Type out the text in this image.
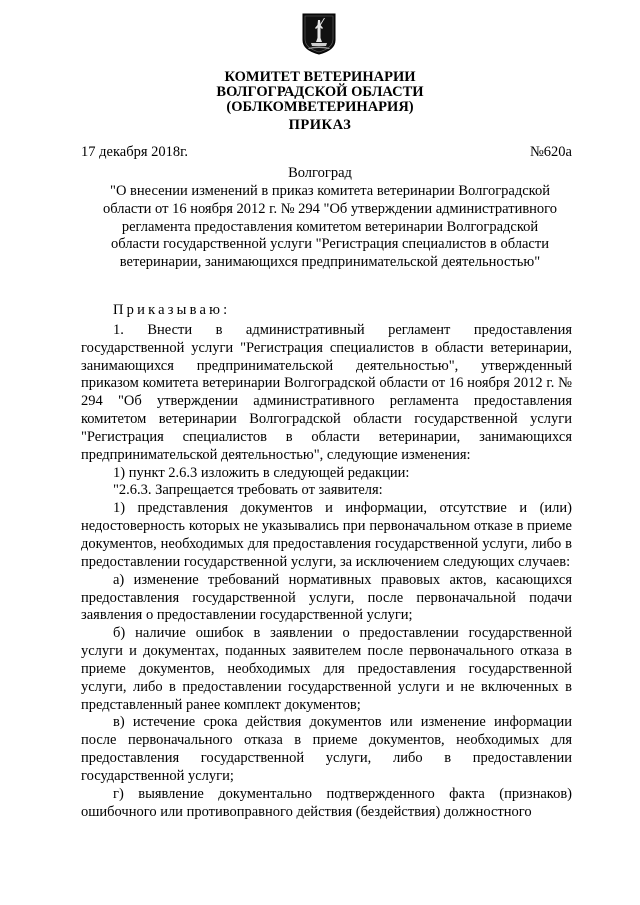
КОМИТЕТ ВЕТЕРИНАРИИ
ВОЛГОГРАДСКОЙ ОБЛАСТИ
(ОБЛКОМВЕТЕРИНАРИЯ)
ПРИКАЗ
17 декабря 2018г.	№620а
Волгоград
"О внесении изменений в приказ комитета ветеринарии Волгоградской области от 16 ноября 2012 г. № 294 "Об утверждении административного регламента предоставления комитетом ветеринарии Волгоградской области государственной услуги "Регистрация специалистов в области ветеринарии, занимающихся предпринимательской деятельностью"

Приказываю:

1. Внести в административный регламент предоставления государственной услуги "Регистрация специалистов в области ветеринарии, занимающихся предпринимательской деятельностью", утвержденный приказом комитета ветеринарии Волгоградской области от 16 ноября 2012 г. № 294 "Об утверждении административного регламента предоставления комитетом ветеринарии Волгоградской области государственной услуги "Регистрация специалистов в области ветеринарии, занимающихся предпринимательской деятельностью", следующие изменения:

1) пункт 2.6.3 изложить в следующей редакции:

"2.6.3. Запрещается требовать от заявителя:

1) представления документов и информации, отсутствие и (или) недостоверность которых не указывались при первоначальном отказе в приеме документов, необходимых для предоставления государственной услуги, либо в предоставлении государственной услуги, за исключением следующих случаев:

а) изменение требований нормативных правовых актов, касающихся предоставления государственной услуги, после первоначальной подачи заявления о предоставлении государственной услуги;

б) наличие ошибок в заявлении о предоставлении государственной услуги и документах, поданных заявителем после первоначального отказа в приеме документов, необходимых для предоставления государственной услуги, либо в предоставлении государственной услуги и не включенных в представленный ранее комплект документов;

в) истечение срока действия документов или изменение информации после первоначального отказа в приеме документов, необходимых для предоставления государственной услуги, либо в предоставлении государственной услуги;

г) выявление документально подтвержденного факта (признаков) ошибочного или противоправного действия (бездействия) должностного
